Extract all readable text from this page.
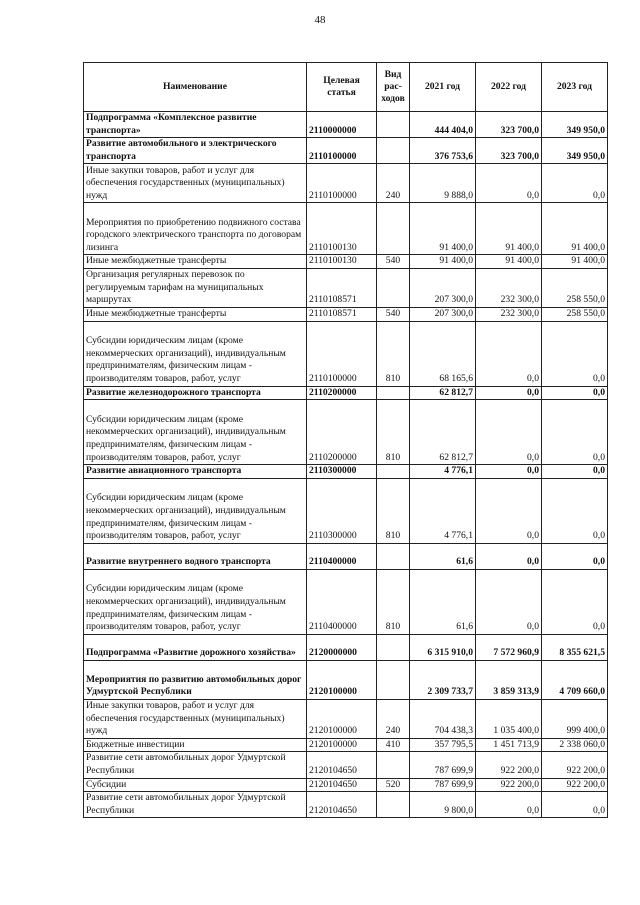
48
Наименование	Целевая статья	Вид рас-ходов	2021 год	2022 год	2023 год
Подпрограмма «Комплексное развитие транспорта»	2110000000		444 404,0	323 700,0	349 950,0
Развитие автомобильного и электрического транспорта	2110100000		376 753,6	323 700,0	349 950,0
Иные закупки товаров, работ и услуг для обеспечения государственных (муниципальных) нужд	2110100000	240	9 888,0	0,0	0,0
Мероприятия по приобретению подвижного состава городского электрического транспорта по договорам лизинга	2110100130		91 400,0	91 400,0	91 400,0
Иные межбюджетные трансферты	2110100130	540	91 400,0	91 400,0	91 400,0
Организация регулярных перевозок по регулируемым тарифам на муниципальных маршрутах	2110108571		207 300,0	232 300,0	258 550,0
Иные межбюджетные трансферты	2110108571	540	207 300,0	232 300,0	258 550,0
Субсидии юридическим лицам (кроме некоммерческих организаций), индивидуальным предпринимателям, физическим лицам - производителям товаров, работ, услуг	2110100000	810	68 165,6	0,0	0,0
Развитие железнодорожного транспорта	2110200000		62 812,7	0,0	0,0
Субсидии юридическим лицам (кроме некоммерческих организаций), индивидуальным предпринимателям, физическим лицам - производителям товаров, работ, услуг	2110200000	810	62 812,7	0,0	0,0
Развитие авиационного транспорта	2110300000		4 776,1	0,0	0,0
Субсидии юридическим лицам (кроме некоммерческих организаций), индивидуальным предпринимателям, физическим лицам - производителям товаров, работ, услуг	2110300000	810	4 776,1	0,0	0,0
Развитие внутреннего водного транспорта	2110400000		61,6	0,0	0,0
Субсидии юридическим лицам (кроме некоммерческих организаций), индивидуальным предпринимателям, физическим лицам - производителям товаров, работ, услуг	2110400000	810	61,6	0,0	0,0
Подпрограмма «Развитие дорожного хозяйства»	2120000000		6 315 910,0	7 572 960,9	8 355 621,5
Мероприятия по развитию автомобильных дорог Удмуртской Республики	2120100000		2 309 733,7	3 859 313,9	4 709 660,0
Иные закупки товаров, работ и услуг для обеспечения государственных (муниципальных) нужд	2120100000	240	704 438,3	1 035 400,0	999 400,0
Бюджетные инвестиции	2120100000	410	357 795,5	1 451 713,9	2 338 060,0
Развитие сети автомобильных дорог Удмуртской Республики	2120104650		787 699,9	922 200,0	922 200,0
Субсидии	2120104650	520	787 699,9	922 200,0	922 200,0
Развитие сети автомобильных дорог Удмуртской Республики	2120104650		9 800,0	0,0	0,0
